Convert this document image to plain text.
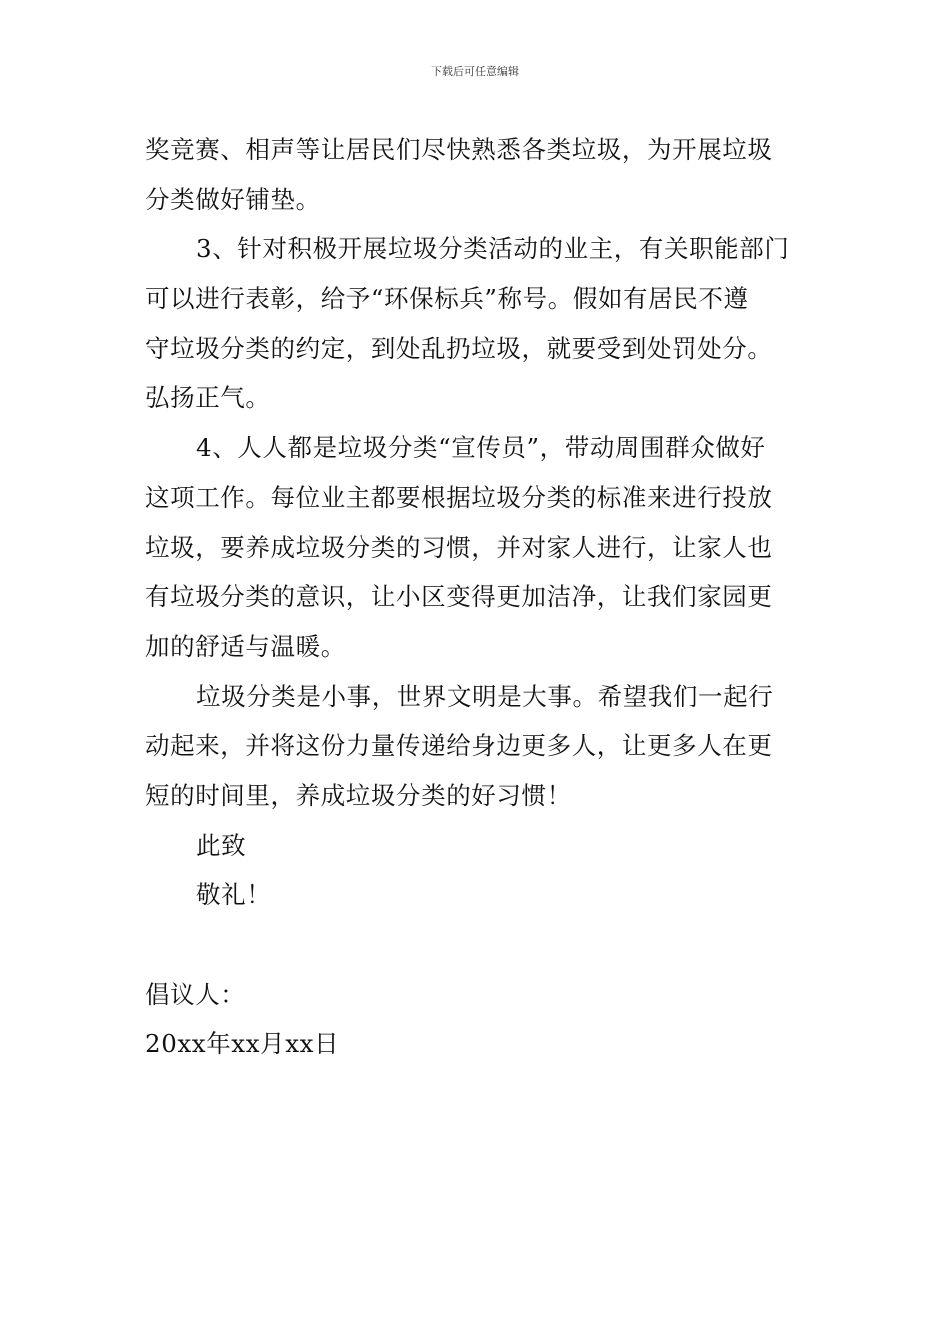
下载后可任意编辑
奖竞赛、相声等让居民们尽快熟悉各类垃圾，为开展垃圾
分类做好铺垫。
3、针对积极开展垃圾分类活动的业主，有关职能部门
可以进行表彰，给予“环保标兵”称号。假如有居民不遵
守垃圾分类的约定，到处乱扔垃圾，就要受到处罚处分。
弘扬正气。
4、人人都是垃圾分类“宣传员”，带动周围群众做好
这项工作。每位业主都要根据垃圾分类的标准来进行投放
垃圾，要养成垃圾分类的习惯，并对家人进行，让家人也
有垃圾分类的意识，让小区变得更加洁净，让我们家园更
加的舒适与温暖。
垃圾分类是小事，世界文明是大事。希望我们一起行
动起来，并将这份力量传递给身边更多人，让更多人在更
短的时间里，养成垃圾分类的好习惯！
此致
敬礼！
倡议人：
20xx年xx月xx日
